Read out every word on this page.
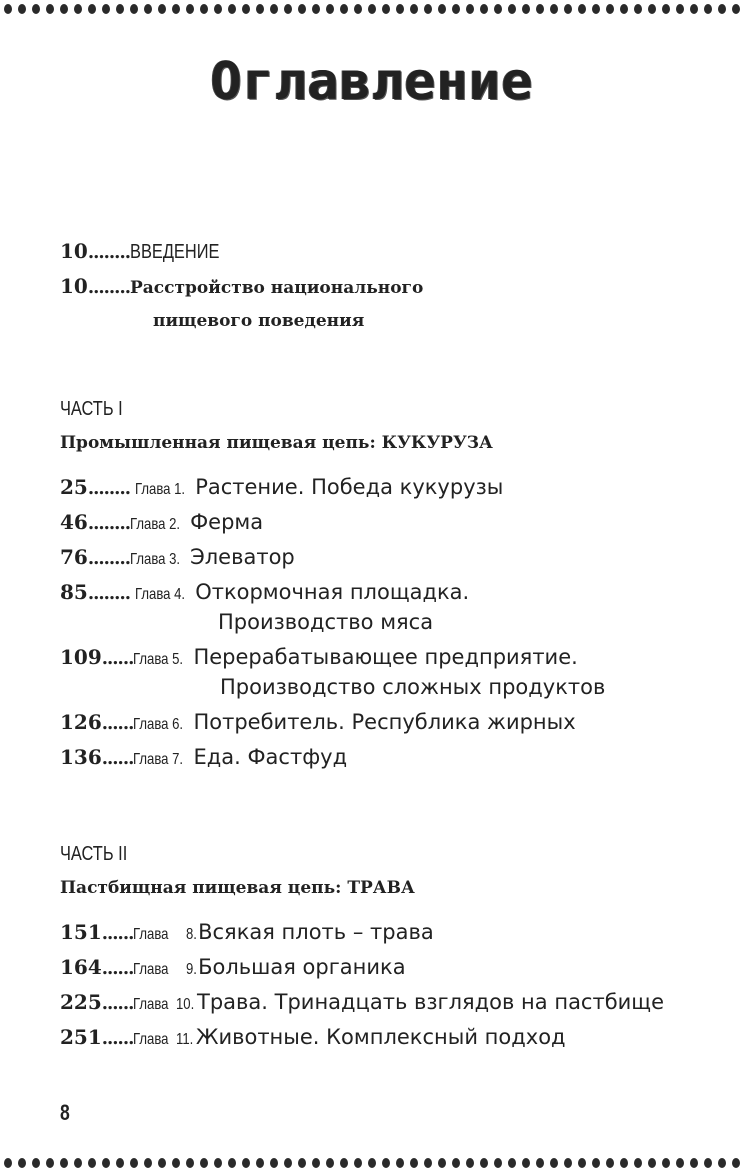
Оглавление
10........ВВЕДЕНИЕ
10........Расстройство национального
пищевого поведения
ЧАСТЬ I
Промышленная пищевая цепь: КУКУРУЗА
25........ Глава 1. Растение. Победа кукурузы
46........Глава 2. Ферма
76........Глава 3. Элеватор
85........ Глава 4. Откормочная площадка.
Производство мяса
109......Глава 5. Перерабатывающее предприятие.
Производство сложных продуктов
126......Глава 6. Потребитель. Республика жирных
136......Глава 7. Еда. Фастфуд
ЧАСТЬ II
Пастбищная пищевая цепь: ТРАВА
151......Глава 8. Всякая плоть – трава
164......Глава 9. Большая органика
225......Глава 10. Трава. Тринадцать взглядов на пастбище
251......Глава 11. Животные. Комплексный подход
8
